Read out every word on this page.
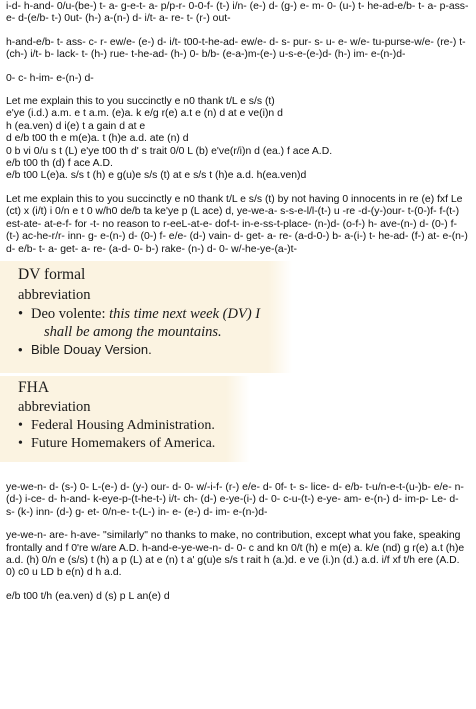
i-d- h-and- 0/u-(be-) t- a- g-e-t- a- p/p-r- 0-0-f- (t-) i/n- (e-) d- (g-) e- m- 0- (u-) t- he-ad-e/b- t- a- p-ass- e- d-(e/b- t-) 0ut- (h-) a-(n-) d- i/t- a- re- t- (r-) out-

h-and-e/b- t- ass- c- r- ew/e- (e-) d- i/t- t00-t-he-ad- ew/e- d- s- pur- s- u- e- w/e- tu-purse-w/e- (re-) t- (ch-) i/t- b- lack- t- (h-) rue- t-he-ad- (h-) 0- b/b- (e-a-)m-(e-) u-s-e-(e-)d- (h-) im- e-(n-)d-

0- c- h-im- e-(n-) d-

Let me explain this to you succinctly e n0 thank t/L e s/s (t)
e'ye (i.d.) a.m. e t a.m. (e)a. k e/g r(e) a.t e (n) d at e ve(i)n d
h (ea.ven) d i(e) t a gain d at e
d e/b t00 th e m(e)a. t (h)e a.d. ate (n) d
0 b vi 0/u s t (L) e'ye t00 th d' s trait 0/0 L (b) e've(r/i)n d (ea.) f ace A.D.
e/b t00 th (d) f ace A.D.
e/b t00 L(e)a. s/s t (h) e g(u)e s/s (t) at e s/s t (h)e a.d. h(ea.ven)d

Let me explain this to you succinctly e n0 thank t/L e s/s (t) by not having 0 innocents in re (e) fxf Le (ct) x (i/t) i 0/n e t 0 w/h0 de/b ta ke'ye p (L ace) d, ye-we-a- s-s-e-l/l-(t-) u -re -d-(y-)our- t-(0-)f- f-(t-) est-ate- at-e-f- for -t- no reason to r-eeL-at-e- dof-t- in-e-ss-t-place- (n-)d- (o-f-) h- ave-(n-) d- (0-) f-(t-) ac-he-r/r- inn- g- e-(n-) d- (0-) f- e/e- (d-) vain- d- get- a- re- (a-d-0-) b- a-(i-) t- he-ad- (f-) at- e-(n-) d- e/b- t- a- get- a- re- (a-d- 0- b-) rake- (n-) d- 0- w/-he-ye-(a-)t-

DV formal

abbreviation

• Deo volente: this time next week (DV) I
shall be among the mountains.
• Bible Douay Version.

FHA

abbreviation

• Federal Housing Administration.
• Future Homemakers of America.

ye-we-n- d- (s-) 0- L-(e-) d- (y-) our- d- 0- w/-i-f- (r-) e/e- d- 0f- t- s- lice- d- e/b- t-u/n-e-t-(u-)b- e/e- n-(d-) i-ce- d- h-and- k-eye-p-(t-he-t-) i/t- ch- (d-) e-ye-(i-) d- 0- c-u-(t-) e-ye- am- e-(n-) d- im-p- Le- d- s- (k-) inn- (d-) g- et- 0/n-e- t-(L-) in- e- (e-) d- im- e-(n-)d-

ye-we-n- are- h-ave- "similarly" no thanks to make, no contribution, except what you fake, speaking frontally and f 0're w/are A.D. h-and-e-ye-we-n- d- 0- c and kn 0/t (h) e m(e) a. k/e (nd) g r(e) a.t (h)e a.d. (h) 0/n e (s/s) t (h) a p (L) at e (n) t a' g(u)e s/s t rait h (a.)d. e ve (i.)n (d.) a.d. i/f xf t/h ere (A.D. 0) c0 u LD b e(n) d h a.d.

e/b t00 t/h (ea.ven) d (s) p L an(e) d
